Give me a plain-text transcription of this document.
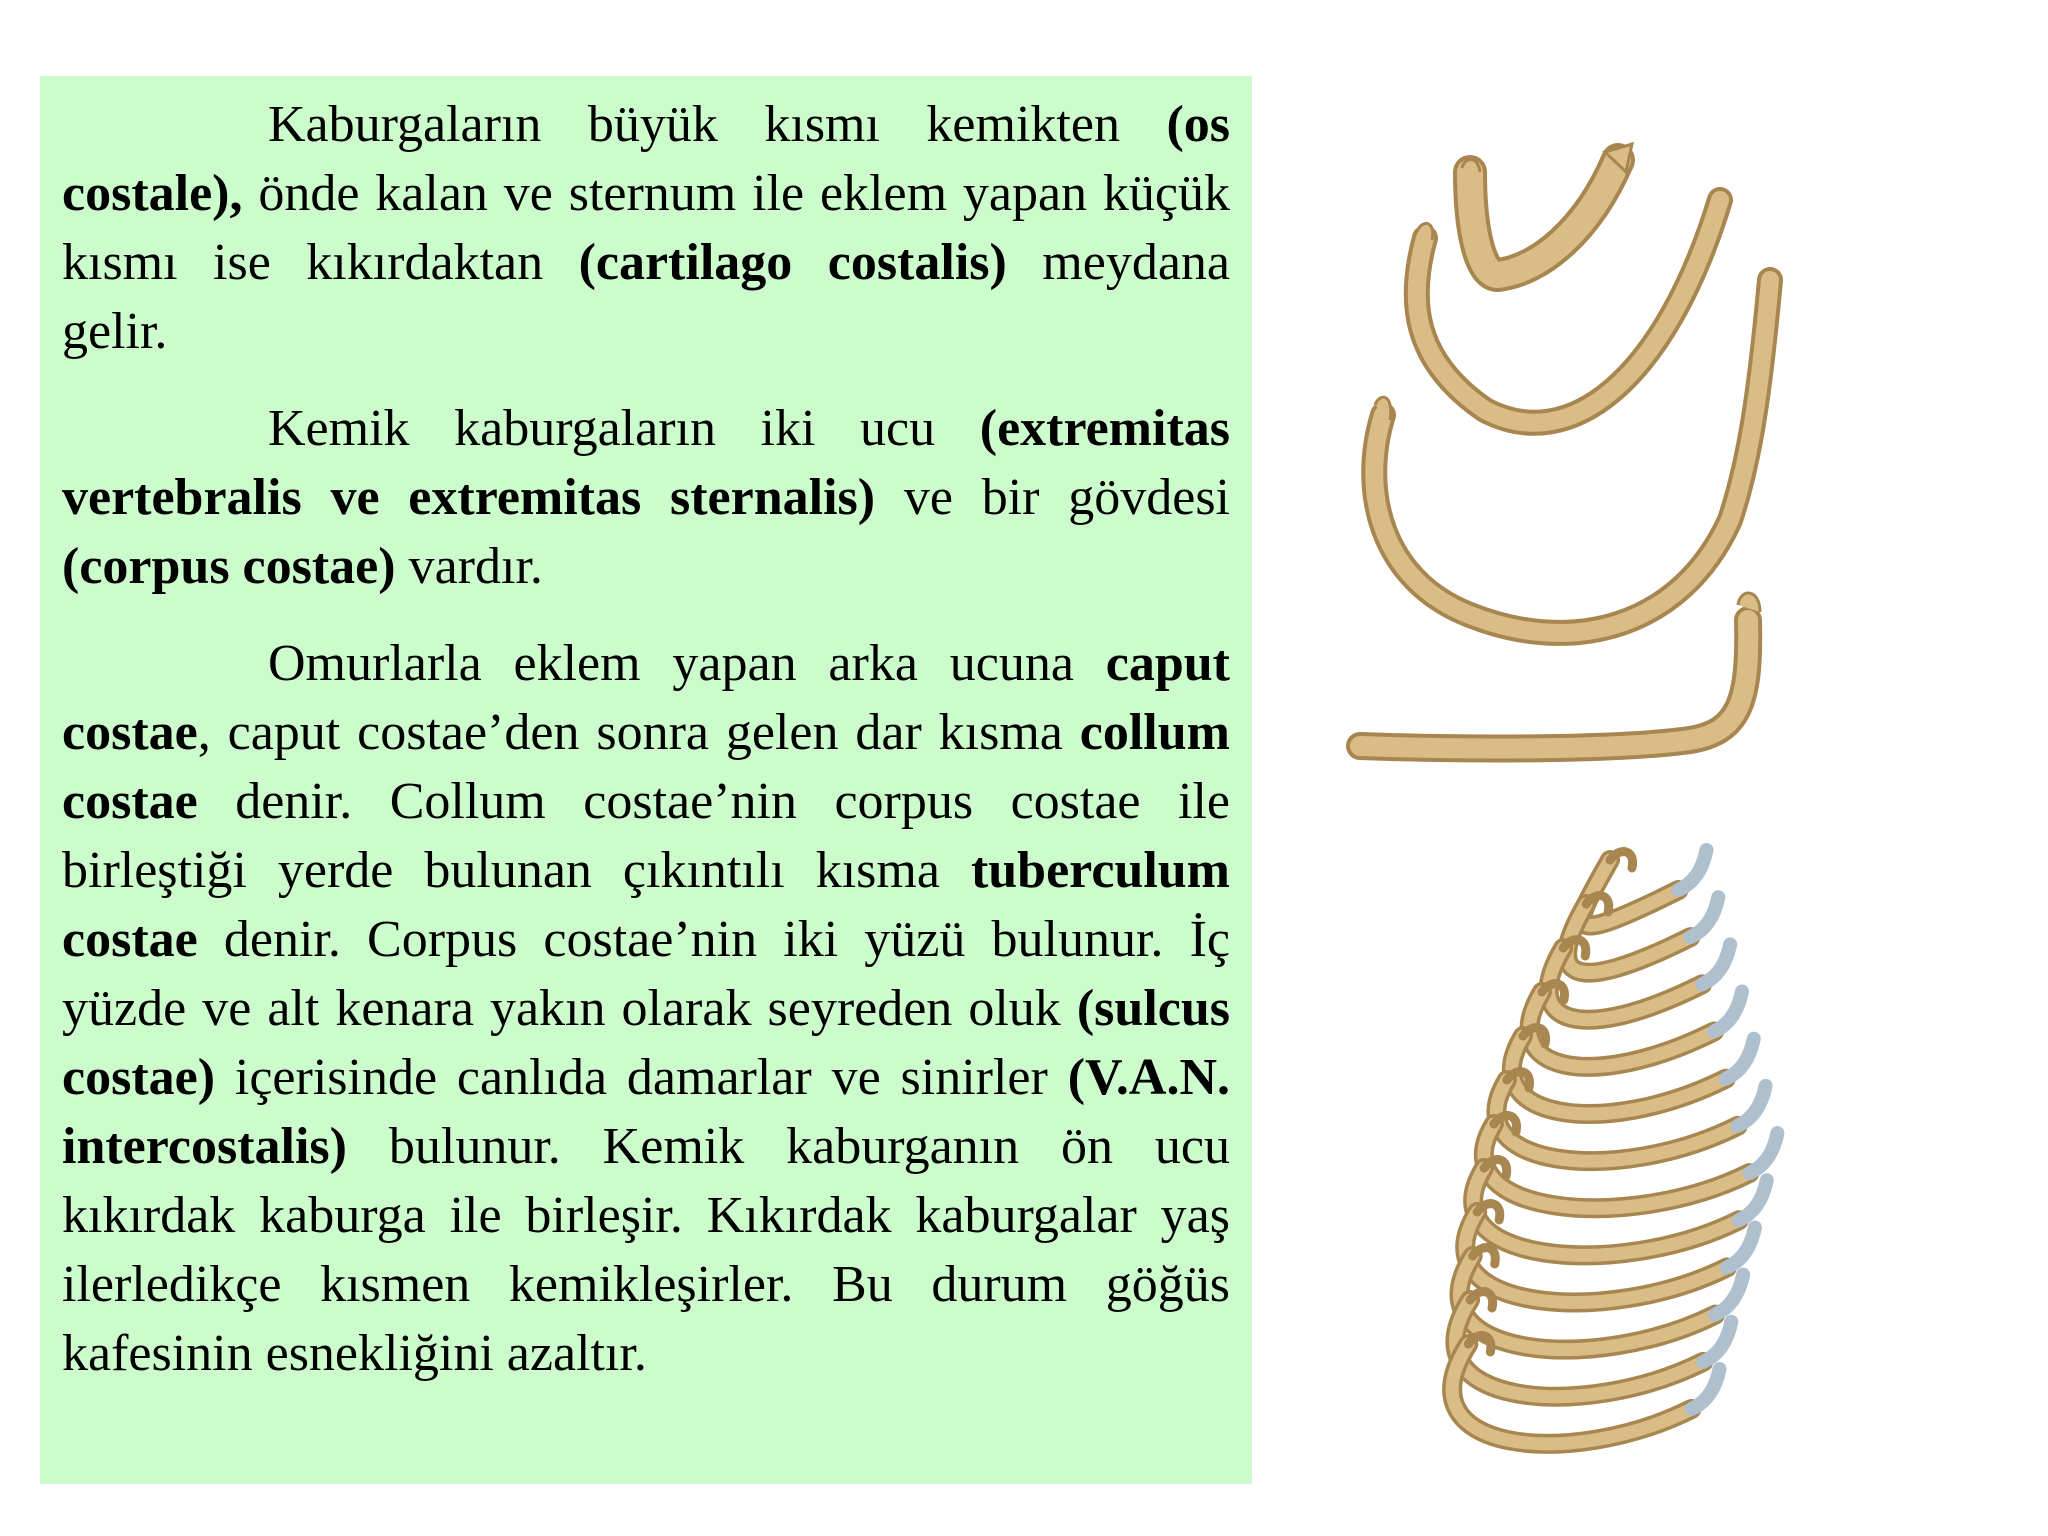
Kaburgaların büyük kısmı kemikten (os costale), önde kalan ve sternum ile eklem yapan küçük kısmı ise kıkırdaktan (cartilago costalis) meydana gelir.

Kemik kaburgaların iki ucu (extremitas vertebralis ve extremitas sternalis) ve bir gövdesi (corpus costae) vardır.

Omurlarla eklem yapan arka ucuna caput costae, caput costae’den sonra gelen dar kısma collum costae denir. Collum costae’nin corpus costae ile birleştiği yerde bulunan çıkıntılı kısma tuberculum costae denir. Corpus costae’nin iki yüzü bulunur. İç yüzde ve alt kenara yakın olarak seyreden oluk (sulcus costae) içerisinde canlıda damarlar ve sinirler (V.A.N. intercostalis) bulunur. Kemik kaburganın ön ucu kıkırdak kaburga ile birleşir. Kıkırdak kaburgalar yaş ilerledikçe kısmen kemikleşirler. Bu durum göğüs kafesinin esnekliğini azaltır.
